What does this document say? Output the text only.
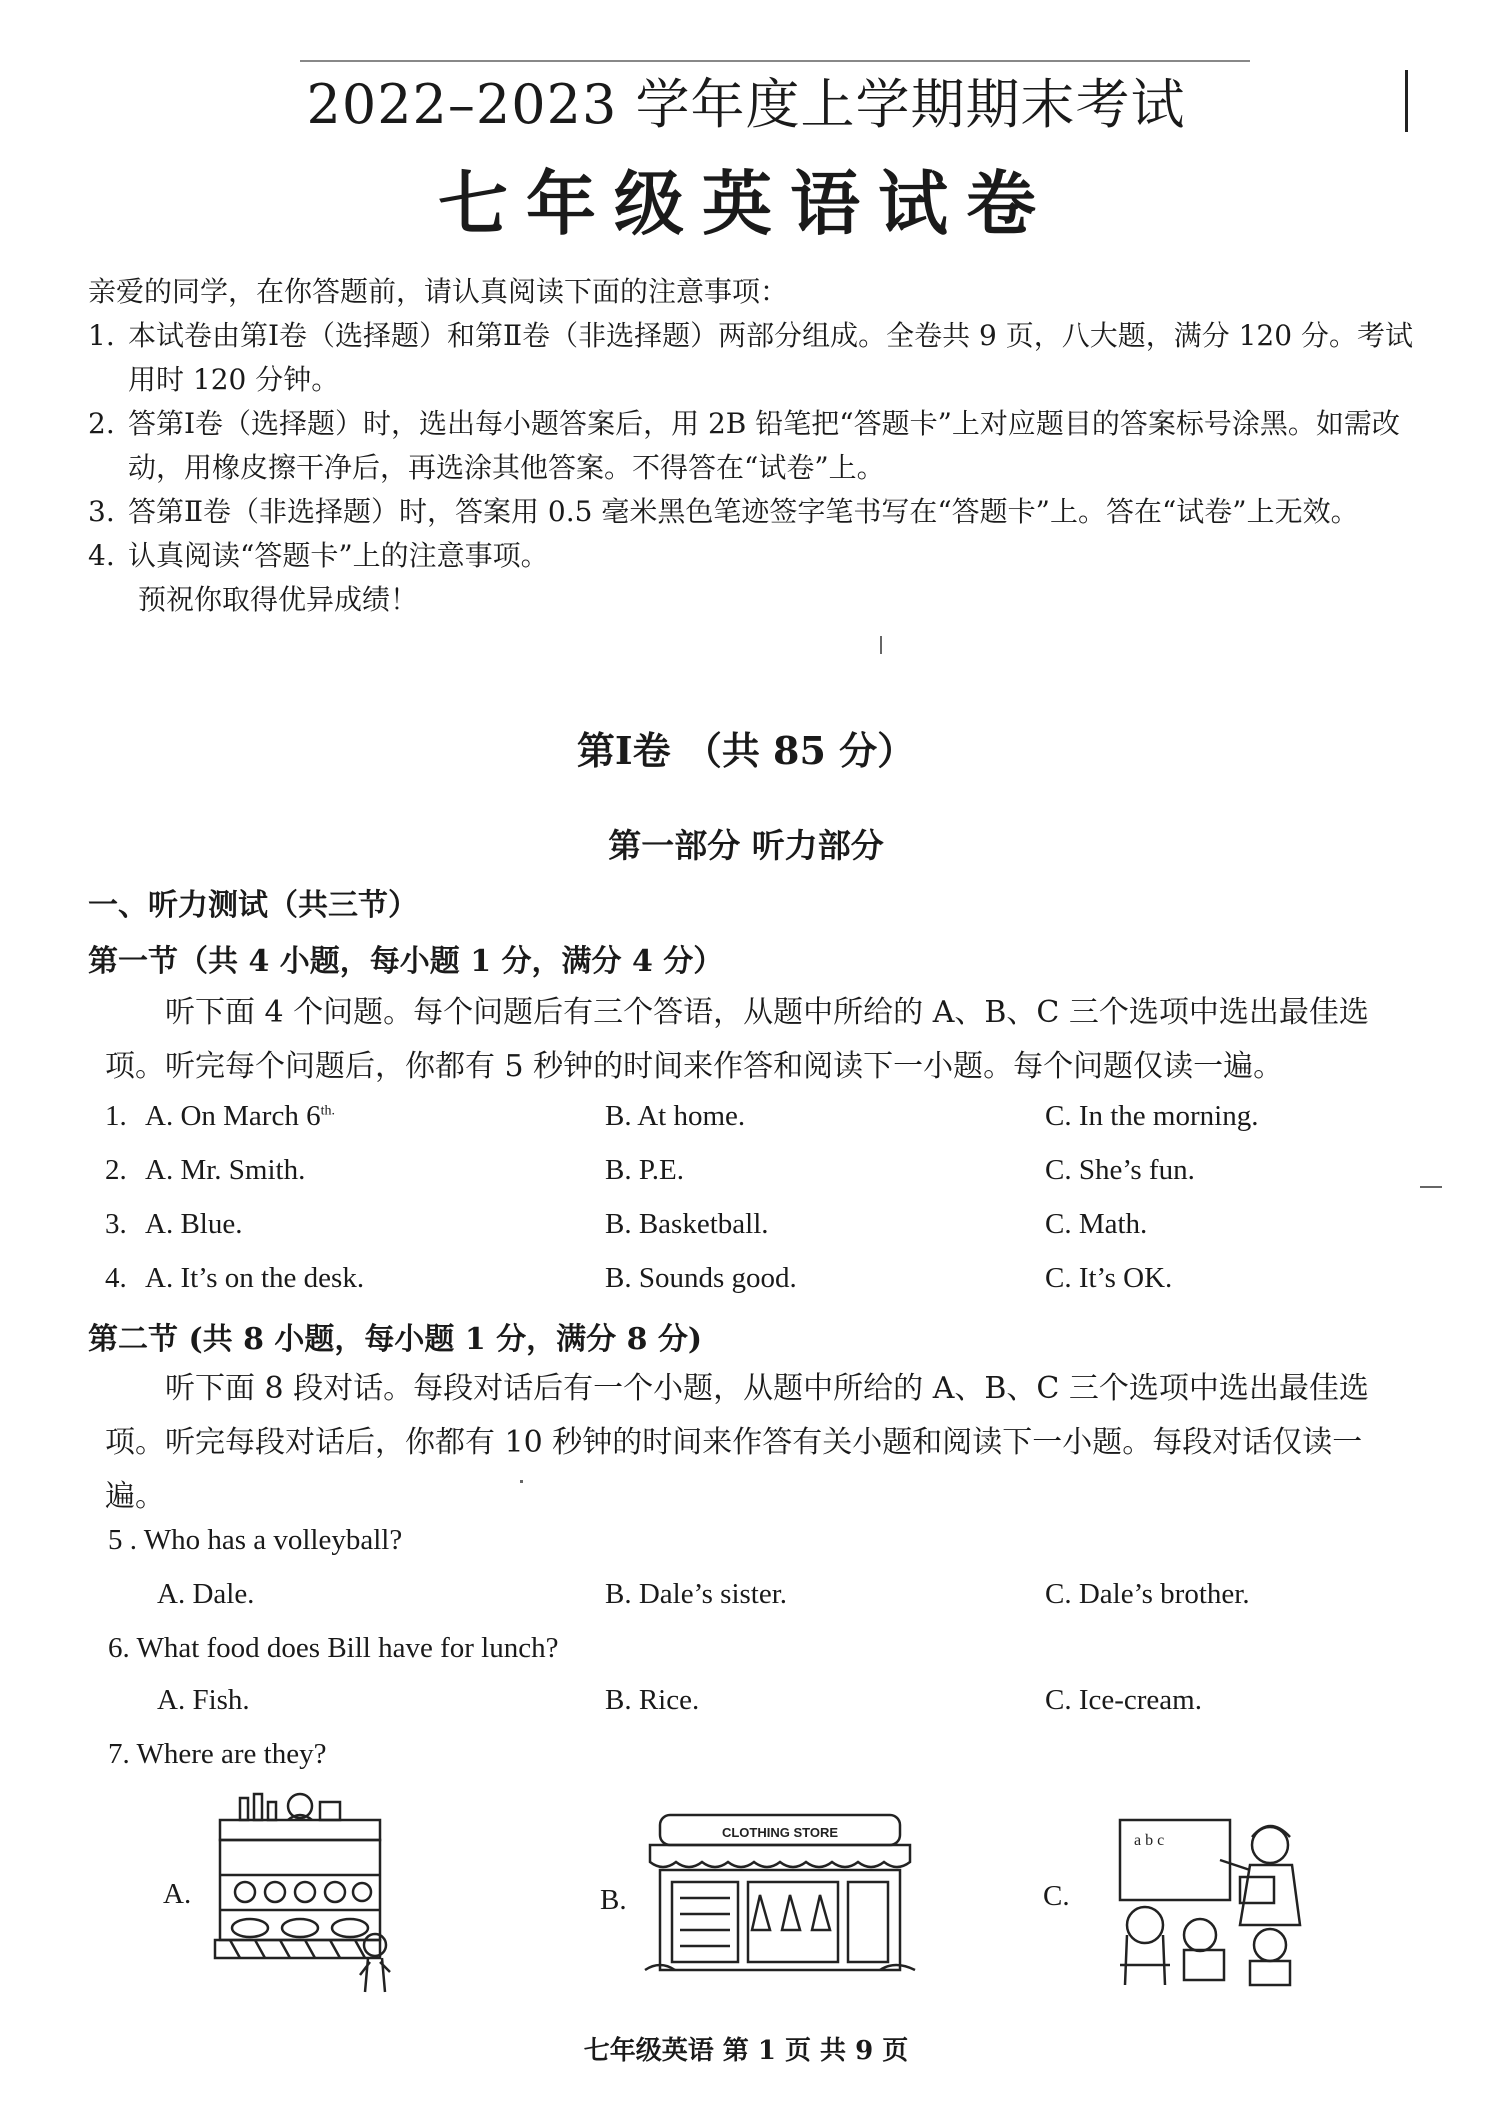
2022–2023 学年度上学期期末考试
七年级英语试卷

亲爱的同学，在你答题前，请认真阅读下面的注意事项：

1. 本试卷由第Ⅰ卷（选择题）和第Ⅱ卷（非选择题）两部分组成。全卷共 9 页，八大题，满分 120 分。考试用时 120 分钟。

2. 答第Ⅰ卷（选择题）时，选出每小题答案后，用 2B 铅笔把“答题卡”上对应题目的答案标号涂黑。如需改动，用橡皮擦干净后，再选涂其他答案。不得答在“试卷”上。

3. 答第Ⅱ卷（非选择题）时，答案用 0.5 毫米黑色笔迹签字笔书写在“答题卡”上。答在“试卷”上无效。

4. 认真阅读“答题卡”上的注意事项。

预祝你取得优异成绩！

第Ⅰ卷 （共 85 分）
第一部分 听力部分
一、听力测试（共三节）
第一节（共 4 小题，每小题 1 分，满分 4 分）
听下面 4 个问题。每个问题后有三个答语，从题中所给的 A、B、C 三个选项中选出最佳选项。听完每个问题后，你都有 5 秒钟的时间来作答和阅读下一小题。每个问题仅读一遍。
1. A. On March $6^{th.}$	B. At home.	C. In the morning.
2. A. Mr. Smith.	B. P.E.	C. She’s fun.
3. A. Blue.	B. Basketball.	C. Math.
4. A. It’s on the desk.	B. Sounds good.	C. It’s OK.
第二节 (共 8 小题，每小题 1 分，满分 8 分)
听下面 8 段对话。每段对话后有一个小题，从题中所给的 A、B、C 三个选项中选出最佳选项。听完每段对话后，你都有 10 秒钟的时间来作答有关小题和阅读下一小题。每段对话仅读一遍。
5 . Who has a volleyball?
A. Dale.	B. Dale’s sister.	C. Dale’s brother.
6. What food does Bill have for lunch?
A. Fish.	B. Rice.	C. Ice-cream.
7. Where are they?
A.	B.
CLOTHING STORE
C.
a b c
七年级英语 第 1 页 共 9 页
